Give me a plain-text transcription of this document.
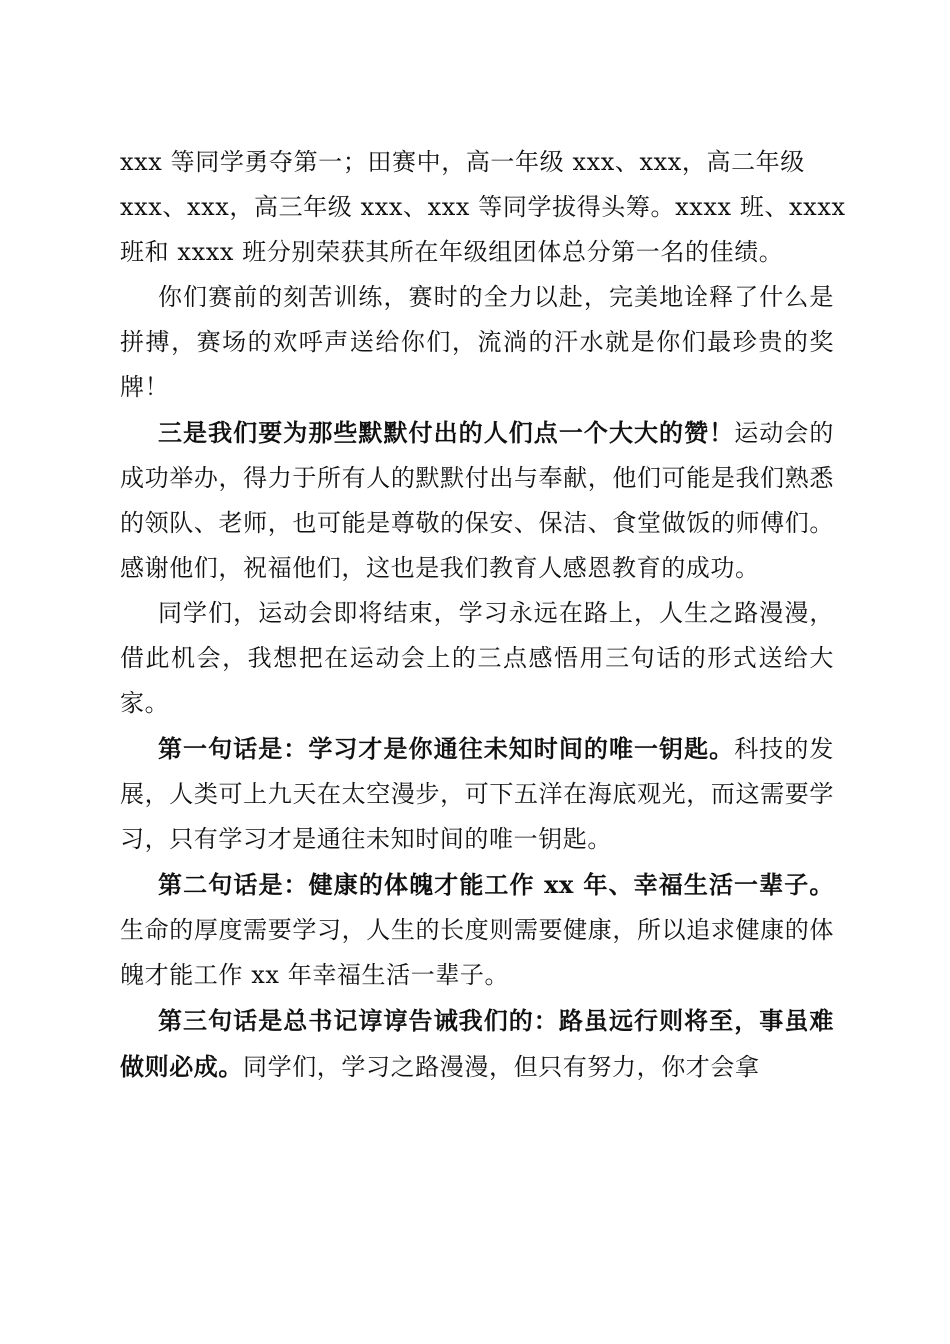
xxx 等同学勇夺第一；田赛中，高一年级 xxx、xxx，高二年级
xxx、xxx，高三年级 xxx、xxx 等同学拔得头筹。xxxx 班、xxxx
班和 xxxx 班分别荣获其所在年级组团体总分第一名的佳绩。

你们赛前的刻苦训练，赛时的全力以赴，完美地诠释了什么是拼搏，赛场的欢呼声送给你们，流淌的汗水就是你们最珍贵的奖牌！

三是我们要为那些默默付出的人们点一个大大的赞！运动会的成功举办，得力于所有人的默默付出与奉献，他们可能是我们熟悉的领队、老师，也可能是尊敬的保安、保洁、食堂做饭的师傅们。感谢他们，祝福他们，这也是我们教育人感恩教育的成功。

同学们，运动会即将结束，学习永远在路上，人生之路漫漫，借此机会，我想把在运动会上的三点感悟用三句话的形式送给大家。

第一句话是：学习才是你通往未知时间的唯一钥匙。科技的发展，人类可上九天在太空漫步，可下五洋在海底观光，而这需要学习，只有学习才是通往未知时间的唯一钥匙。

第二句话是：健康的体魄才能工作 xx 年、幸福生活一辈子。生命的厚度需要学习，人生的长度则需要健康，所以追求健康的体魄才能工作 xx 年幸福生活一辈子。

第三句话是总书记谆谆告诫我们的：路虽远行则将至，事虽难做则必成。同学们，学习之路漫漫，但只有努力，你才会拿
